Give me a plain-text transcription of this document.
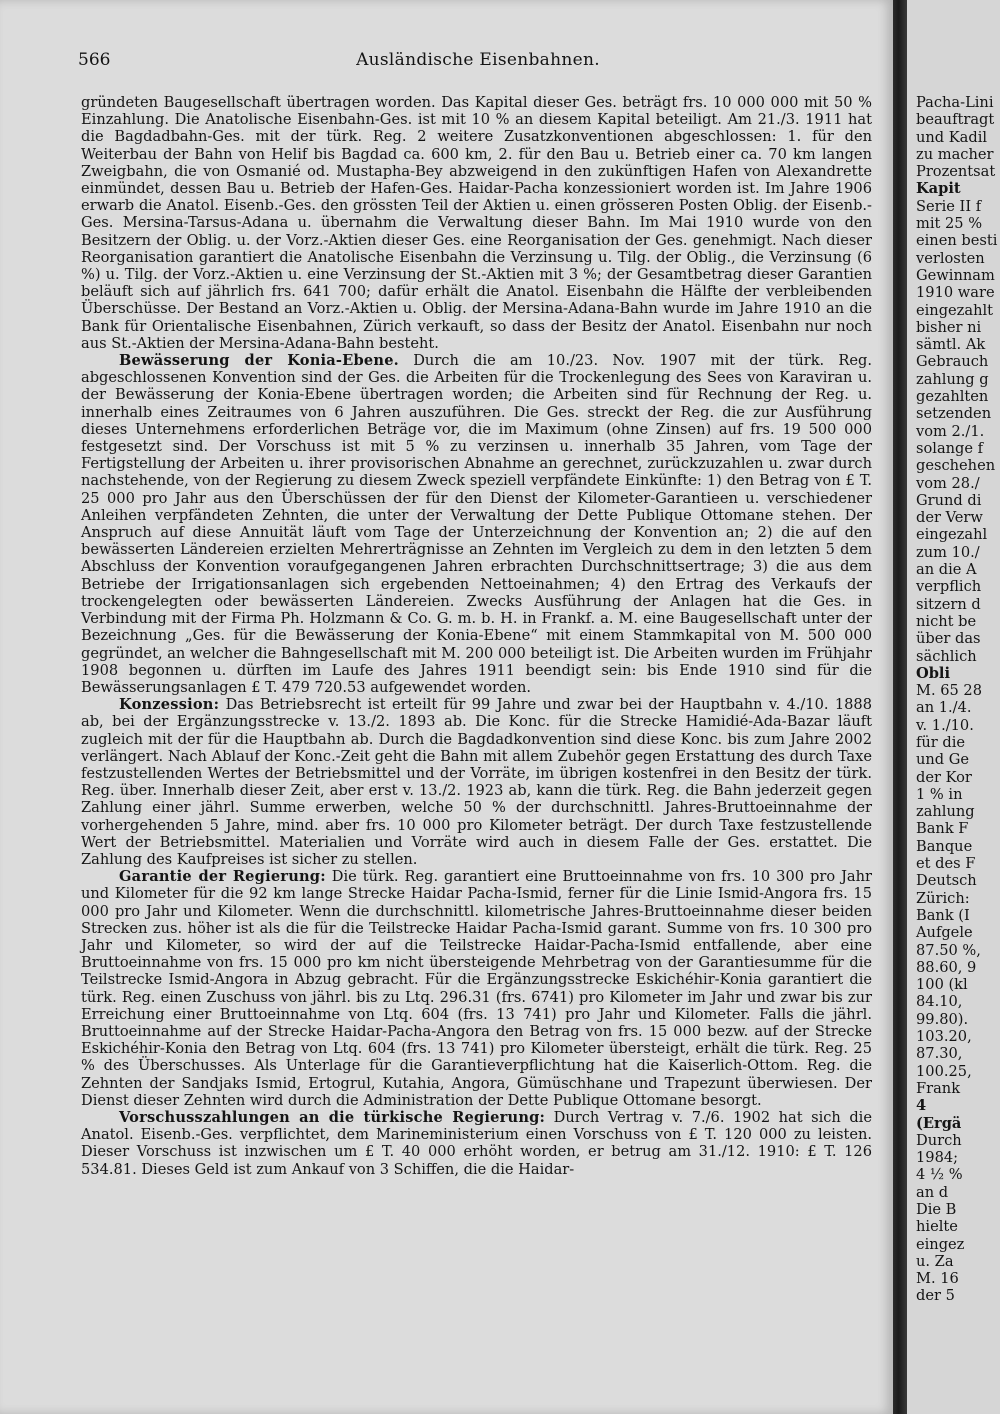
566	Ausländische Eisenbahnen.

gründeten Baugesellschaft übertragen worden. Das Kapital dieser Ges. beträgt frs. 10 000 000 mit 50 % Einzahlung. Die Anatolische Eisenbahn-Ges. ist mit 10 % an diesem Kapital beteiligt. Am 21./3. 1911 hat die Bagdadbahn-Ges. mit der türk. Reg. 2 weitere Zusatzkonventionen abgeschlossen: 1. für den Weiterbau der Bahn von Helif bis Bagdad ca. 600 km, 2. für den Bau u. Betrieb einer ca. 70 km langen Zweigbahn, die von Osmanié od. Mustapha-Bey abzweigend in den zukünftigen Hafen von Alexandrette einmündet, dessen Bau u. Betrieb der Hafen-Ges. Haidar-Pacha konzessioniert worden ist. Im Jahre 1906 erwarb die Anatol. Eisenb.-Ges. den grössten Teil der Aktien u. einen grösseren Posten Oblig. der Eisenb.-Ges. Mersina-Tarsus-Adana u. übernahm die Verwaltung dieser Bahn. Im Mai 1910 wurde von den Besitzern der Oblig. u. der Vorz.-Aktien dieser Ges. eine Reorganisation der Ges. genehmigt. Nach dieser Reorganisation garantiert die Anatolische Eisenbahn die Verzinsung u. Tilg. der Oblig., die Verzinsung (6 %) u. Tilg. der Vorz.-Aktien u. eine Verzinsung der St.-Aktien mit 3 %; der Gesamtbetrag dieser Garantien beläuft sich auf jährlich frs. 641 700; dafür erhält die Anatol. Eisenbahn die Hälfte der verbleibenden Überschüsse. Der Bestand an Vorz.-Aktien u. Oblig. der Mersina-Adana-Bahn wurde im Jahre 1910 an die Bank für Orientalische Eisenbahnen, Zürich verkauft, so dass der Besitz der Anatol. Eisenbahn nur noch aus St.-Aktien der Mersina-Adana-Bahn besteht.

Bewässerung der Konia-Ebene. Durch die am 10./23. Nov. 1907 mit der türk. Reg. abgeschlossenen Konvention sind der Ges. die Arbeiten für die Trockenlegung des Sees von Karaviran u. der Bewässerung der Konia-Ebene übertragen worden; die Arbeiten sind für Rechnung der Reg. u. innerhalb eines Zeitraumes von 6 Jahren auszuführen. Die Ges. streckt der Reg. die zur Ausführung dieses Unternehmens erforderlichen Beträge vor, die im Maximum (ohne Zinsen) auf frs. 19 500 000 festgesetzt sind. Der Vorschuss ist mit 5 % zu verzinsen u. innerhalb 35 Jahren, vom Tage der Fertigstellung der Arbeiten u. ihrer provisorischen Abnahme an gerechnet, zurückzuzahlen u. zwar durch nachstehende, von der Regierung zu diesem Zweck speziell verpfändete Einkünfte: 1) den Betrag von £ T. 25 000 pro Jahr aus den Überschüssen der für den Dienst der Kilometer-Garantieen u. verschiedener Anleihen verpfändeten Zehnten, die unter der Verwaltung der Dette Publique Ottomane stehen. Der Anspruch auf diese Annuität läuft vom Tage der Unterzeichnung der Konvention an; 2) die auf den bewässerten Ländereien erzielten Mehrerträgnisse an Zehnten im Vergleich zu dem in den letzten 5 dem Abschluss der Konvention voraufgegangenen Jahren erbrachten Durchschnittsertrage; 3) die aus dem Betriebe der Irrigationsanlagen sich ergebenden Nettoeinahmen; 4) den Ertrag des Verkaufs der trockengelegten oder bewässerten Ländereien. Zwecks Ausführung der Anlagen hat die Ges. in Verbindung mit der Firma Ph. Holzmann & Co. G. m. b. H. in Frankf. a. M. eine Baugesellschaft unter der Bezeichnung „Ges. für die Bewässerung der Konia-Ebene“ mit einem Stammkapital von M. 500 000 gegründet, an welcher die Bahngesellschaft mit M. 200 000 beteiligt ist. Die Arbeiten wurden im Frühjahr 1908 begonnen u. dürften im Laufe des Jahres 1911 beendigt sein: bis Ende 1910 sind für die Bewässerungsanlagen £ T. 479 720.53 aufgewendet worden.

Konzession: Das Betriebsrecht ist erteilt für 99 Jahre und zwar bei der Hauptbahn v. 4./10. 1888 ab, bei der Ergänzungsstrecke v. 13./2. 1893 ab. Die Konc. für die Strecke Hamidié-Ada-Bazar läuft zugleich mit der für die Hauptbahn ab. Durch die Bagdadkonvention sind diese Konc. bis zum Jahre 2002 verlängert. Nach Ablauf der Konc.-Zeit geht die Bahn mit allem Zubehör gegen Erstattung des durch Taxe festzustellenden Wertes der Betriebsmittel und der Vorräte, im übrigen kostenfrei in den Besitz der türk. Reg. über. Innerhalb dieser Zeit, aber erst v. 13./2. 1923 ab, kann die türk. Reg. die Bahn jederzeit gegen Zahlung einer jährl. Summe erwerben, welche 50 % der durchschnittl. Jahres-Bruttoeinnahme der vorhergehenden 5 Jahre, mind. aber frs. 10 000 pro Kilometer beträgt. Der durch Taxe festzustellende Wert der Betriebsmittel. Materialien und Vorräte wird auch in diesem Falle der Ges. erstattet. Die Zahlung des Kaufpreises ist sicher zu stellen.

Garantie der Regierung: Die türk. Reg. garantiert eine Bruttoeinnahme von frs. 10 300 pro Jahr und Kilometer für die 92 km lange Strecke Haidar Pacha-Ismid, ferner für die Linie Ismid-Angora frs. 15 000 pro Jahr und Kilometer. Wenn die durchschnittl. kilometrische Jahres-Bruttoeinnahme dieser beiden Strecken zus. höher ist als die für die Teilstrecke Haidar Pacha-Ismid garant. Summe von frs. 10 300 pro Jahr und Kilometer, so wird der auf die Teilstrecke Haidar-Pacha-Ismid entfallende, aber eine Bruttoeinnahme von frs. 15 000 pro km nicht übersteigende Mehrbetrag von der Garantiesumme für die Teilstrecke Ismid-Angora in Abzug gebracht. Für die Ergänzungsstrecke Eskichéhir-Konia garantiert die türk. Reg. einen Zuschuss von jährl. bis zu Ltq. 296.31 (frs. 6741) pro Kilometer im Jahr und zwar bis zur Erreichung einer Bruttoeinnahme von Ltq. 604 (frs. 13 741) pro Jahr und Kilometer. Falls die jährl. Bruttoeinnahme auf der Strecke Haidar-Pacha-Angora den Betrag von frs. 15 000 bezw. auf der Strecke Eskichéhir-Konia den Betrag von Ltq. 604 (frs. 13 741) pro Kilometer übersteigt, erhält die türk. Reg. 25 % des Überschusses. Als Unterlage für die Garantieverpflichtung hat die Kaiserlich-Ottom. Reg. die Zehnten der Sandjaks Ismid, Ertogrul, Kutahia, Angora, Gümüschhane und Trapezunt überwiesen. Der Dienst dieser Zehnten wird durch die Administration der Dette Publique Ottomane besorgt.

Vorschusszahlungen an die türkische Regierung: Durch Vertrag v. 7./6. 1902 hat sich die Anatol. Eisenb.-Ges. verpflichtet, dem Marineministerium einen Vorschuss von £ T. 120 000 zu leisten. Dieser Vorschuss ist inzwischen um £ T. 40 000 erhöht worden, er betrug am 31./12. 1910: £ T. 126 534.81. Dieses Geld ist zum Ankauf von 3 Schiffen, die die Haidar-

Pacha-Lini
beauftragt
und Kadil
zu macher
Prozentsat
Kapit
Serie II f
mit 25 %
einen besti
verlosten
Gewinnam
1910 ware
eingezahlt
bisher ni
sämtl. Ak
Gebrauch
zahlung g
gezahlten
setzenden
vom 2./1.
solange f
geschehen
vom 28./
Grund di
der Verw
eingezahl
zum 10./
an die A
verpflich
sitzern d
nicht be
über das
sächlich
Obli
M. 65 28
an 1./4.
v. 1./10.
für die
und Ge
der Kor
1 % in
zahlung
Bank F
Banque
et des F
Deutsch
Zürich:
Bank (I
Aufgele
87.50 %,
88.60, 9
100 (kl
84.10,
99.80).
103.20,
87.30,
100.25,
Frank
4
(Ergä
Durch
1984;
4 ½ %
an d
Die B
hielte
eingez
u. Za
M. 16
der 5
